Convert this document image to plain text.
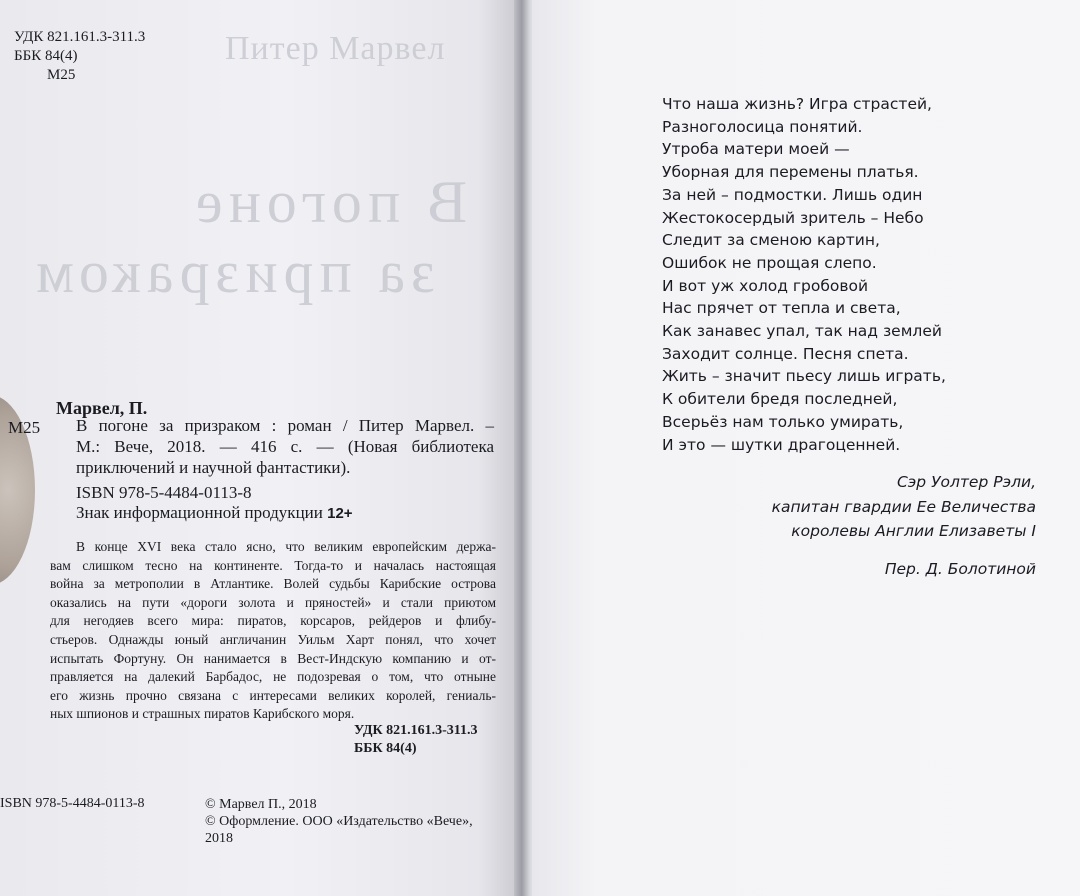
Питер Марвел
В погоне
за призраком
УДК 821.161.3-311.3
ББК 84(4)
М25
Марвел, П.
М25 В погоне за призраком : роман / Питер Марвел. –
М.: Вече, 2018. — 416 с. — (Новая библиотека
приключений и научной фантастики).
ISBN 978-5-4484-0113-8
Знак информационной продукции 12+
В конце XVI века стало ясно, что великим европейским держа-
вам слишком тесно на континенте. Тогда-то и началась настоящая
война за метрополии в Атлантике. Волей судьбы Карибские острова
оказались на пути «дороги золота и пряностей» и стали приютом
для негодяев всего мира: пиратов, корсаров, рейдеров и флибу-
стьеров. Однажды юный англичанин Уильм Харт понял, что хочет
испытать Фортуну. Он нанимается в Вест-Индскую компанию и от-
правляется на далекий Барбадос, не подозревая о том, что отныне
его жизнь прочно связана с интересами великих королей, гениаль-
ных шпионов и страшных пиратов Карибского моря.
УДК 821.161.3-311.3
ББК 84(4)
ISBN 978-5-4484-0113-8	© Марвел П., 2018
© Оформление. ООО «Издательство «Вече»,
2018
Что наша жизнь? Игра страстей,
Разноголосица понятий.
Утроба матери моей —
Уборная для перемены платья.
За ней – подмостки. Лишь один
Жестокосердый зритель – Небо
Следит за сменою картин,
Ошибок не прощая слепо.
И вот уж холод гробовой
Нас прячет от тепла и света,
Как занавес упал, так над землей
Заходит солнце. Песня спета.
Жить – значит пьесу лишь играть,
К обители бредя последней,
Всерьёз нам только умирать,
И это — шутки драгоценней.
Сэр Уолтер Рэли,
капитан гвардии Ее Величества
королевы Англии Елизаветы I
Пер. Д. Болотиной
